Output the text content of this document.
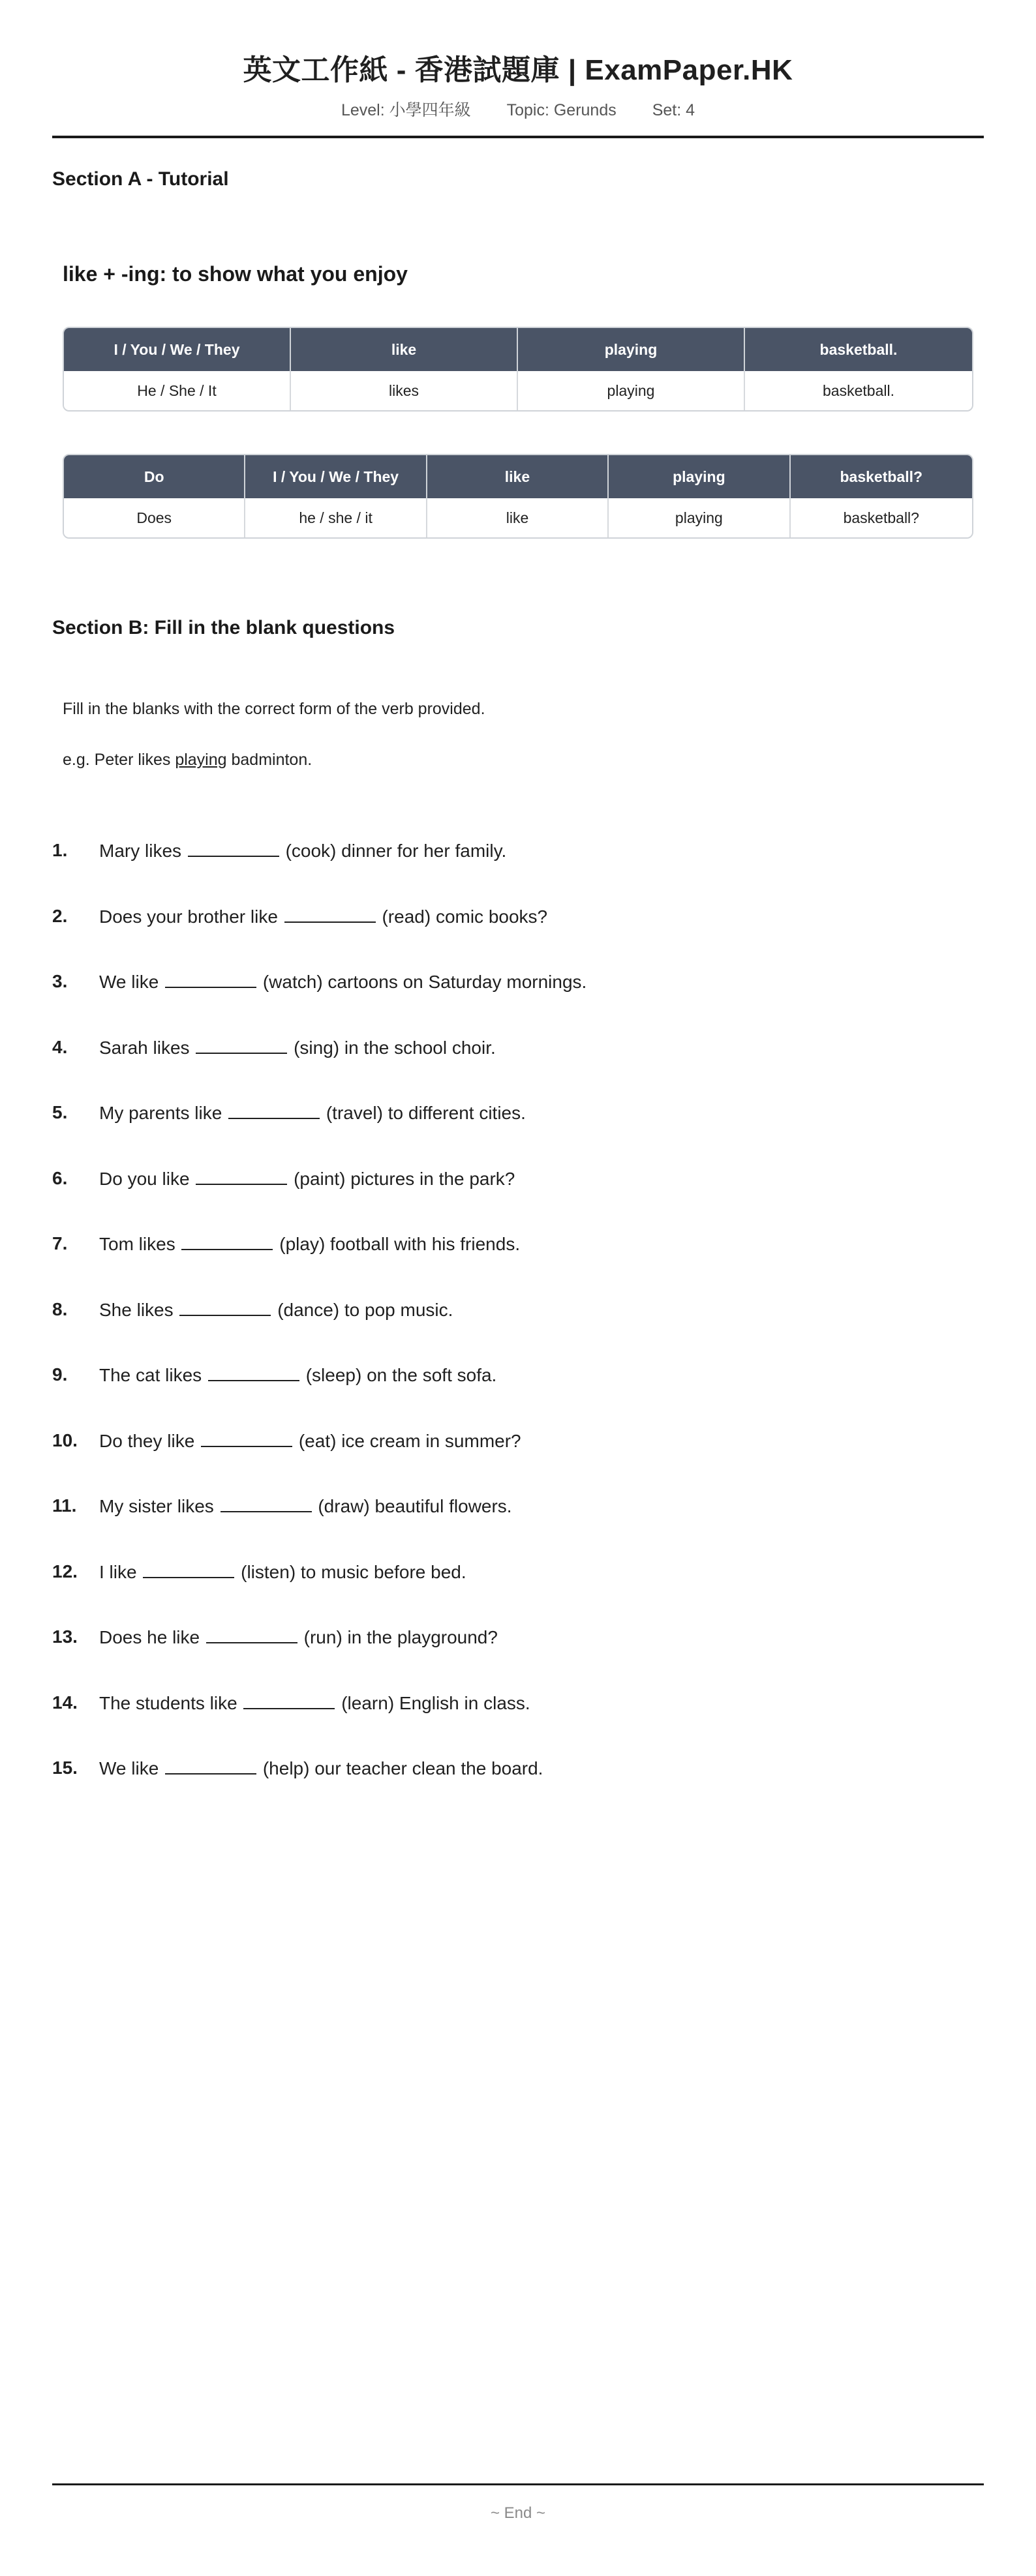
英文工作紙 - 香港試題庫 | ExamPaper.HK
Level: 小學四年級 Topic: Gerunds Set: 4
Section A - Tutorial
like + -ing: to show what you enjoy
I / You / We / They	like	playing	basketball.
He / She / It	likes	playing	basketball.
Do	I / You / We / They	like	playing	basketball?
Does	he / she / it	like	playing	basketball?
Section B: Fill in the blank questions
Fill in the blanks with the correct form of the verb provided.
e.g. Peter likes playing badminton.
1.	Mary likes	(cook) dinner for her family.
2.	Does your brother like	(read) comic books?
3.	We like	(watch) cartoons on Saturday mornings.
4.	Sarah likes	(sing) in the school choir.
5.	My parents like	(travel) to different cities.
6.	Do you like	(paint) pictures in the park?
7.	Tom likes	(play) football with his friends.
8.	She likes	(dance) to pop music.
9.	The cat likes	(sleep) on the soft sofa.
10.	Do they like	(eat) ice cream in summer?
11.	My sister likes	(draw) beautiful flowers.
12.	I like	(listen) to music before bed.
13.	Does he like	(run) in the playground?
14.	The students like	(learn) English in class.
15.	We like	(help) our teacher clean the board.
~ End ~
